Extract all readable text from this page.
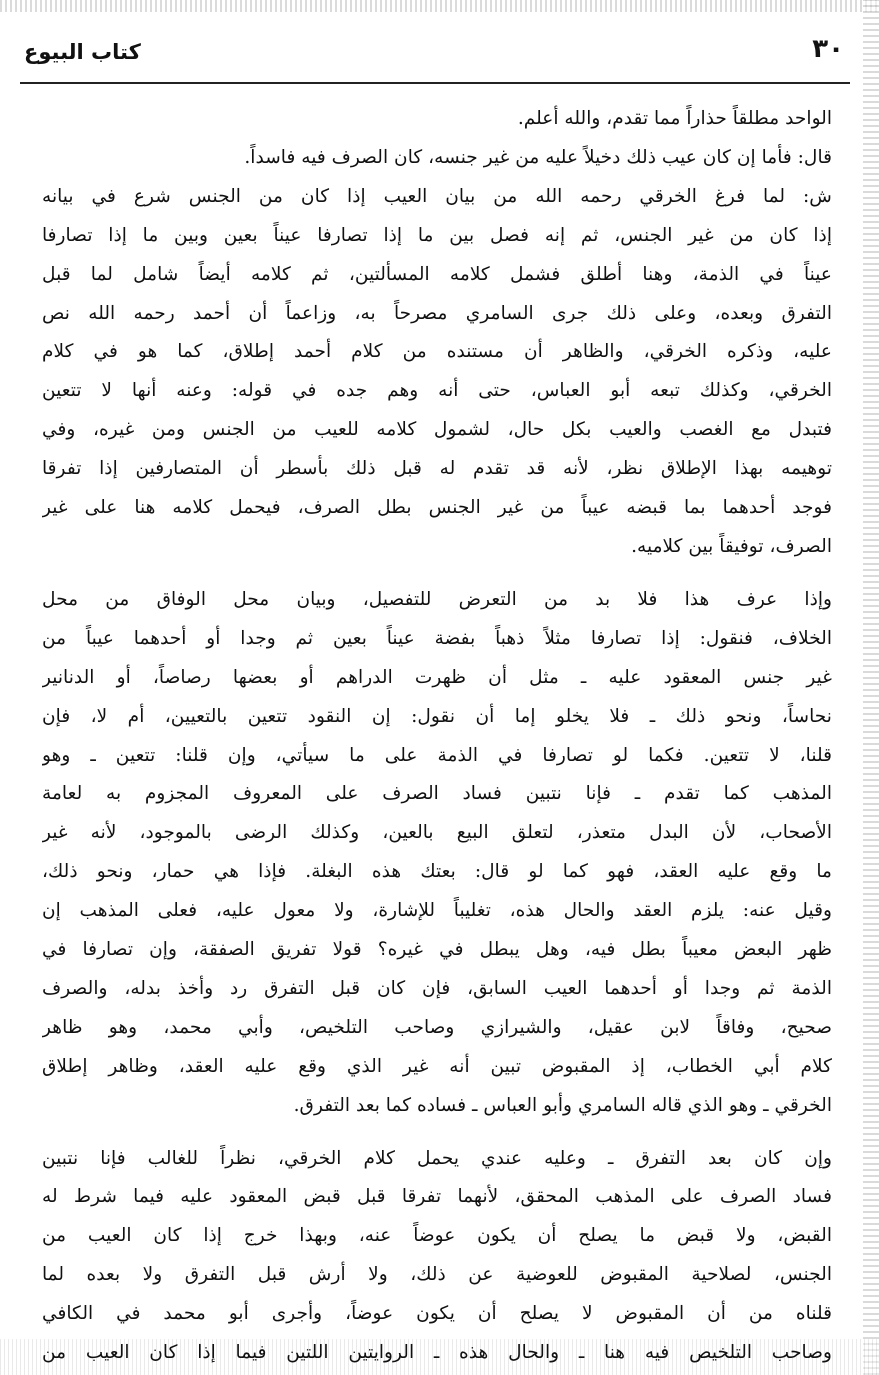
٣٠
كتاب البيوع
الواحد مطلقاً حذاراً مما تقدم، والله أعلم.
قال: فأما إن كان عيب ذلك دخيلاً عليه من غير جنسه، كان الصرف فيه فاسداً.
ش: لما فرغ الخرقي رحمه الله من بيان العيب إذا كان من الجنس شرع في بيانه
إذا كان من غير الجنس، ثم إنه فصل بين ما إذا تصارفا عيناً بعين وبين ما إذا تصارفا
عيناً في الذمة، وهنا أطلق فشمل كلامه المسألتين، ثم كلامه أيضاً شامل لما قبل
التفرق وبعده، وعلى ذلك جرى السامري مصرحاً به، وزاعماً أن أحمد رحمه الله نص
عليه، وذكره الخرقي، والظاهر أن مستنده من كلام أحمد إطلاق، كما هو في كلام
الخرقي، وكذلك تبعه أبو العباس، حتى أنه وهم جده في قوله: وعنه أنها لا تتعين
فتبدل مع الغصب والعيب بكل حال، لشمول كلامه للعيب من الجنس ومن غيره، وفي
توهيمه بهذا الإطلاق نظر، لأنه قد تقدم له قبل ذلك بأسطر أن المتصارفين إذا تفرقا
فوجد أحدهما بما قبضه عيباً من غير الجنس بطل الصرف، فيحمل كلامه هنا على غير
الصرف، توفيقاً بين كلاميه.
وإذا عرف هذا فلا بد من التعرض للتفصيل، وبيان محل الوفاق من محل
الخلاف، فنقول: إذا تصارفا مثلاً ذهباً بفضة عيناً بعين ثم وجدا أو أحدهما عيباً من
غير جنس المعقود عليه ـ مثل أن ظهرت الدراهم أو بعضها رصاصاً، أو الدنانير
نحاساً، ونحو ذلك ـ فلا يخلو إما أن نقول: إن النقود تتعين بالتعيين، أم لا، فإن
قلنا، لا تتعين. فكما لو تصارفا في الذمة على ما سيأتي، وإن قلنا: تتعين ـ وهو
المذهب كما تقدم ـ فإنا نتبين فساد الصرف على المعروف المجزوم به لعامة
الأصحاب، لأن البدل متعذر، لتعلق البيع بالعين، وكذلك الرضى بالموجود، لأنه غير
ما وقع عليه العقد، فهو كما لو قال: بعتك هذه البغلة. فإذا هي حمار، ونحو ذلك،
وقيل عنه: يلزم العقد والحال هذه، تغليباً للإشارة، ولا معول عليه، فعلى المذهب إن
ظهر البعض معيباً بطل فيه، وهل يبطل في غيره؟ قولا تفريق الصفقة، وإن تصارفا في
الذمة ثم وجدا أو أحدهما العيب السابق، فإن كان قبل التفرق رد وأخذ بدله، والصرف
صحيح، وفاقاً لابن عقيل، والشيرازي وصاحب التلخيص، وأبي محمد، وهو ظاهر
كلام أبي الخطاب، إذ المقبوض تبين أنه غير الذي وقع عليه العقد، وظاهر إطلاق
الخرقي ـ وهو الذي قاله السامري وأبو العباس ـ فساده كما بعد التفرق.
وإن كان بعد التفرق ـ وعليه عندي يحمل كلام الخرقي، نظراً للغالب فإنا نتبين
فساد الصرف على المذهب المحقق، لأنهما تفرقا قبل قبض المعقود عليه فيما شرط له
القبض، ولا قبض ما يصلح أن يكون عوضاً عنه، وبهذا خرج إذا كان العيب من
الجنس، لصلاحية المقبوض للعوضية عن ذلك، ولا أرش قبل التفرق ولا بعده لما
قلناه من أن المقبوض لا يصلح أن يكون عوضاً، وأجرى أبو محمد في الكافي
وصاحب التلخيص فيه هنا ـ والحال هذه ـ الروايتين اللتين فيما إذا كان العيب من
